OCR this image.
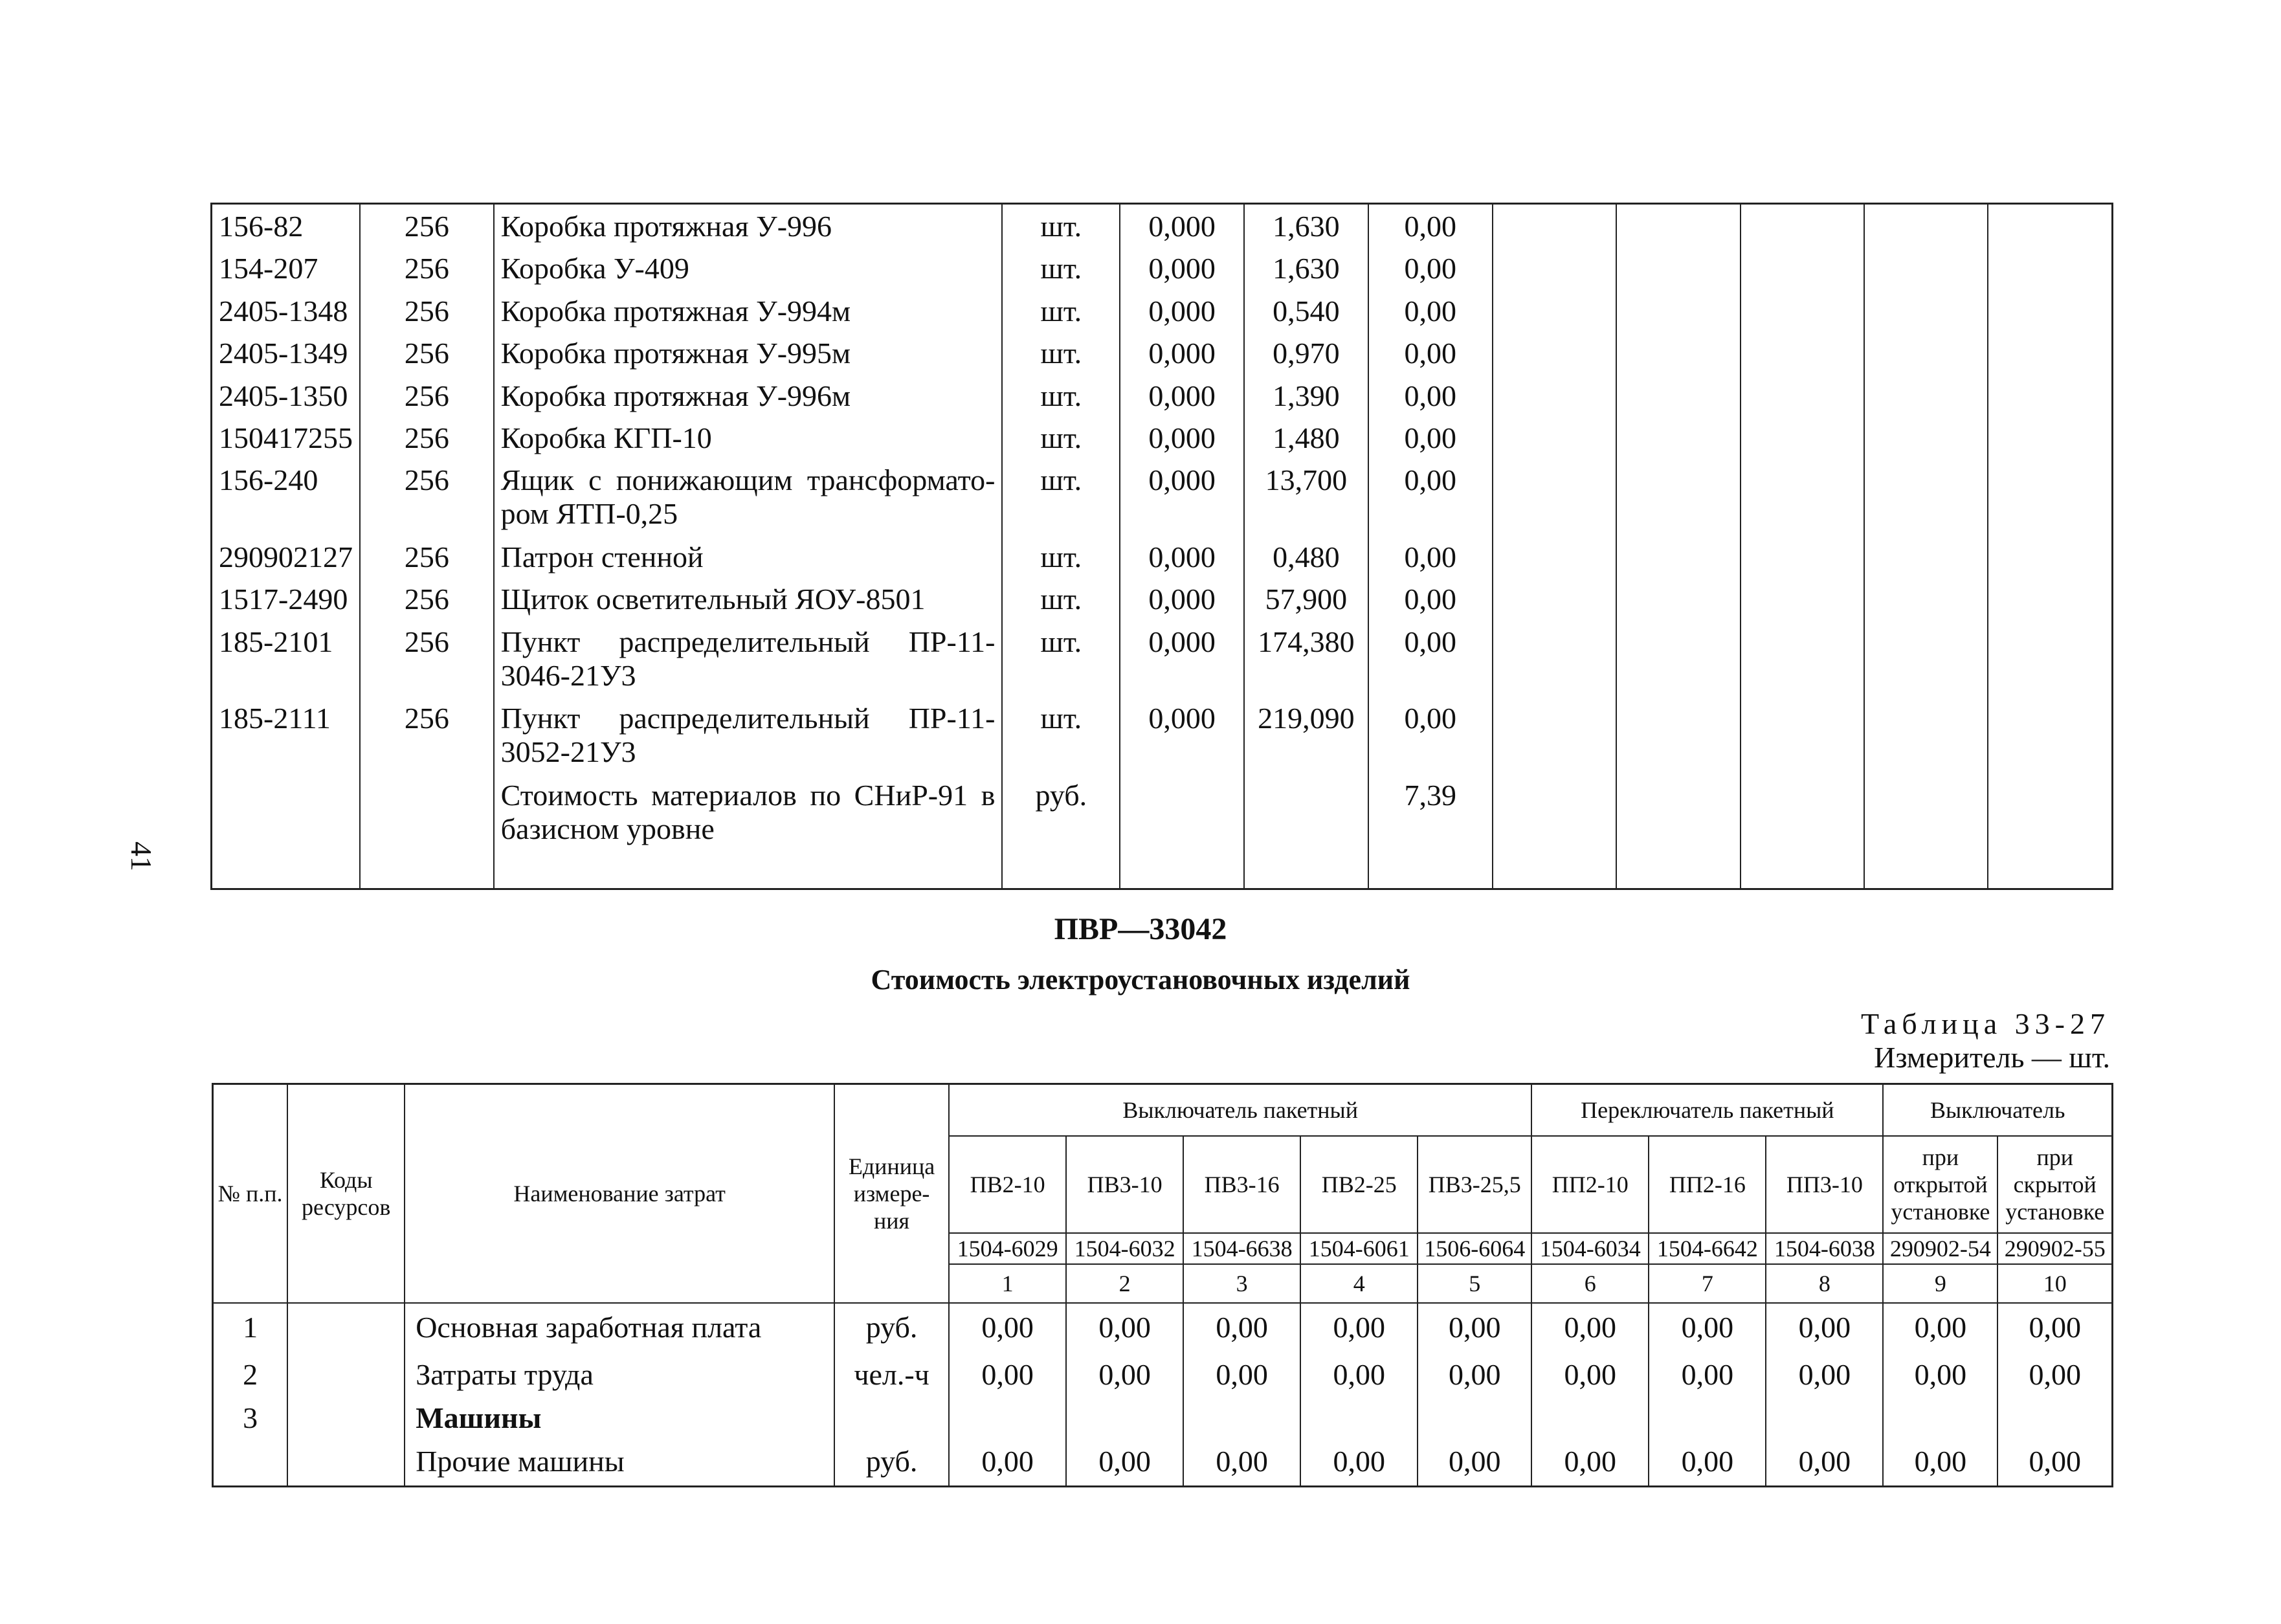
41
156-82	256	Коробка протяжная У-996	шт.	0,000	1,630	0,00					
154-207	256	Коробка У-409	шт.	0,000	1,630	0,00					
2405-1348	256	Коробка протяжная У-994м	шт.	0,000	0,540	0,00					
2405-1349	256	Коробка протяжная У-995м	шт.	0,000	0,970	0,00					
2405-1350	256	Коробка протяжная У-996м	шт.	0,000	1,390	0,00					
150417255	256	Коробка КГП-10	шт.	0,000	1,480	0,00					
156-240	256	Ящик с понижающим трансформато-ром ЯТП-0,25	шт.	0,000	13,700	0,00					
290902127	256	Патрон стенной	шт.	0,000	0,480	0,00					
1517-2490	256	Щиток осветительный ЯОУ-8501	шт.	0,000	57,900	0,00					
185-2101	256	Пункт распределительный ПР-11-3046-21У3	шт.	0,000	174,380	0,00					
185-2111	256	Пункт распределительный ПР-11-3052-21У3	шт.	0,000	219,090	0,00					
		Стоимость материалов по СНиР-91 в базисном уровне	руб.			7,39					

ПВР—33042
Стоимость электроустановочных изделий
Таблица 33-27
Измеритель — шт.
№ п.п.	Коды ресурсов	Наименование затрат	Единица измере-ния	Выключатель пакетный					Переключатель пакетный			Выключатель	
				ПВ2-10	ПВ3-10	ПВ3-16	ПВ2-25	ПВ3-25,5	ПП2-10	ПП2-16	ПП3-10	при открытой установке	при скрытой установке
				1504-6029	1504-6032	1504-6638	1504-6061	1506-6064	1504-6034	1504-6642	1504-6038	290902-54	290902-55
				1	2	3	4	5	6	7	8	9	10
1		Основная заработная плата	руб.	0,00	0,00	0,00	0,00	0,00	0,00	0,00	0,00	0,00	0,00
2		Затраты труда	чел.-ч	0,00	0,00	0,00	0,00	0,00	0,00	0,00	0,00	0,00	0,00
3		Машины											
		Прочие машины	руб.	0,00	0,00	0,00	0,00	0,00	0,00	0,00	0,00	0,00	0,00
